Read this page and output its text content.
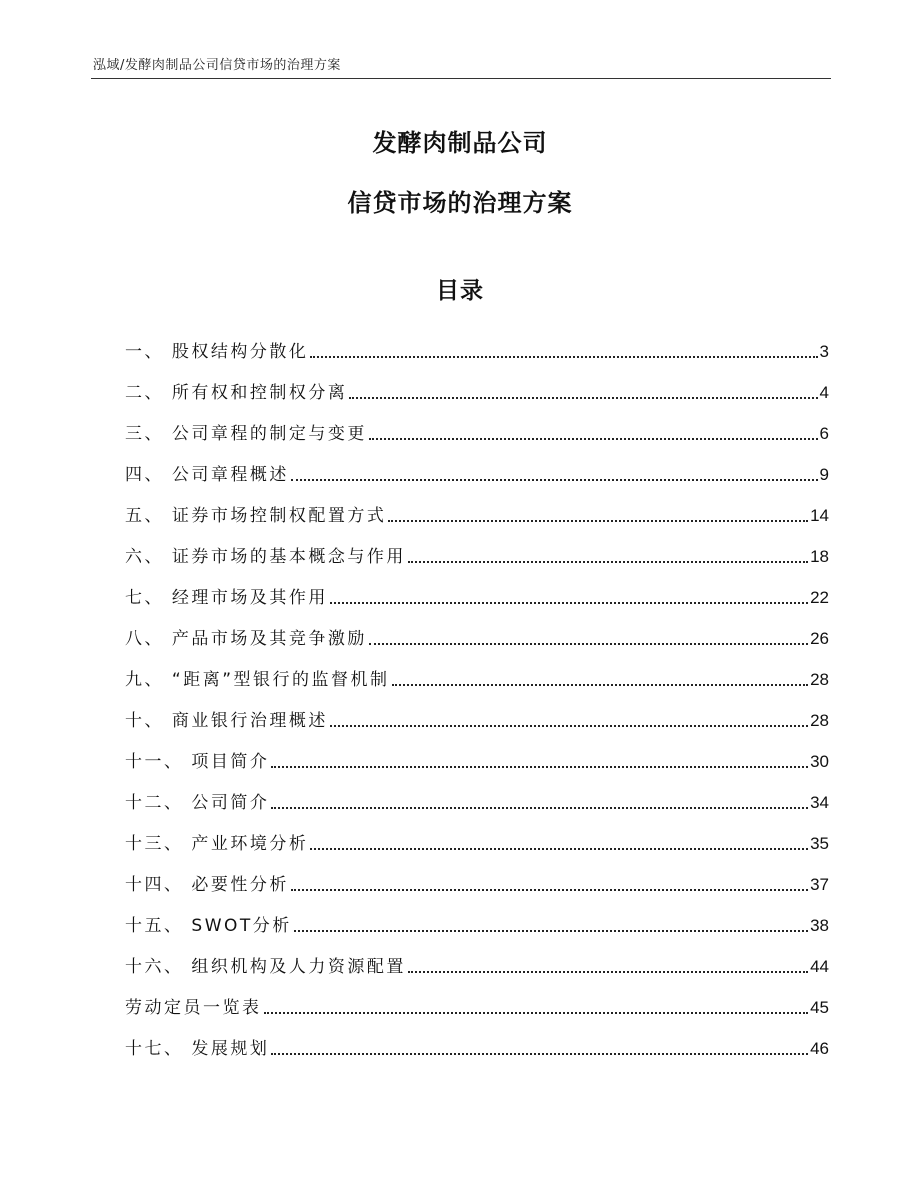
泓域/发酵肉制品公司信贷市场的治理方案
发酵肉制品公司
信贷市场的治理方案
目录
一、 股权结构分散化	3
二、 所有权和控制权分离	4
三、 公司章程的制定与变更	6
四、 公司章程概述	9
五、 证券市场控制权配置方式	14
六、 证券市场的基本概念与作用	18
七、 经理市场及其作用	22
八、 产品市场及其竞争激励	26
九、 “距离”型银行的监督机制	28
十、 商业银行治理概述	28
十一、 项目简介	30
十二、 公司简介	34
十三、 产业环境分析	35
十四、 必要性分析	37
十五、 SWOT分析	38
十六、 组织机构及人力资源配置	44
劳动定员一览表	45
十七、 发展规划	46
